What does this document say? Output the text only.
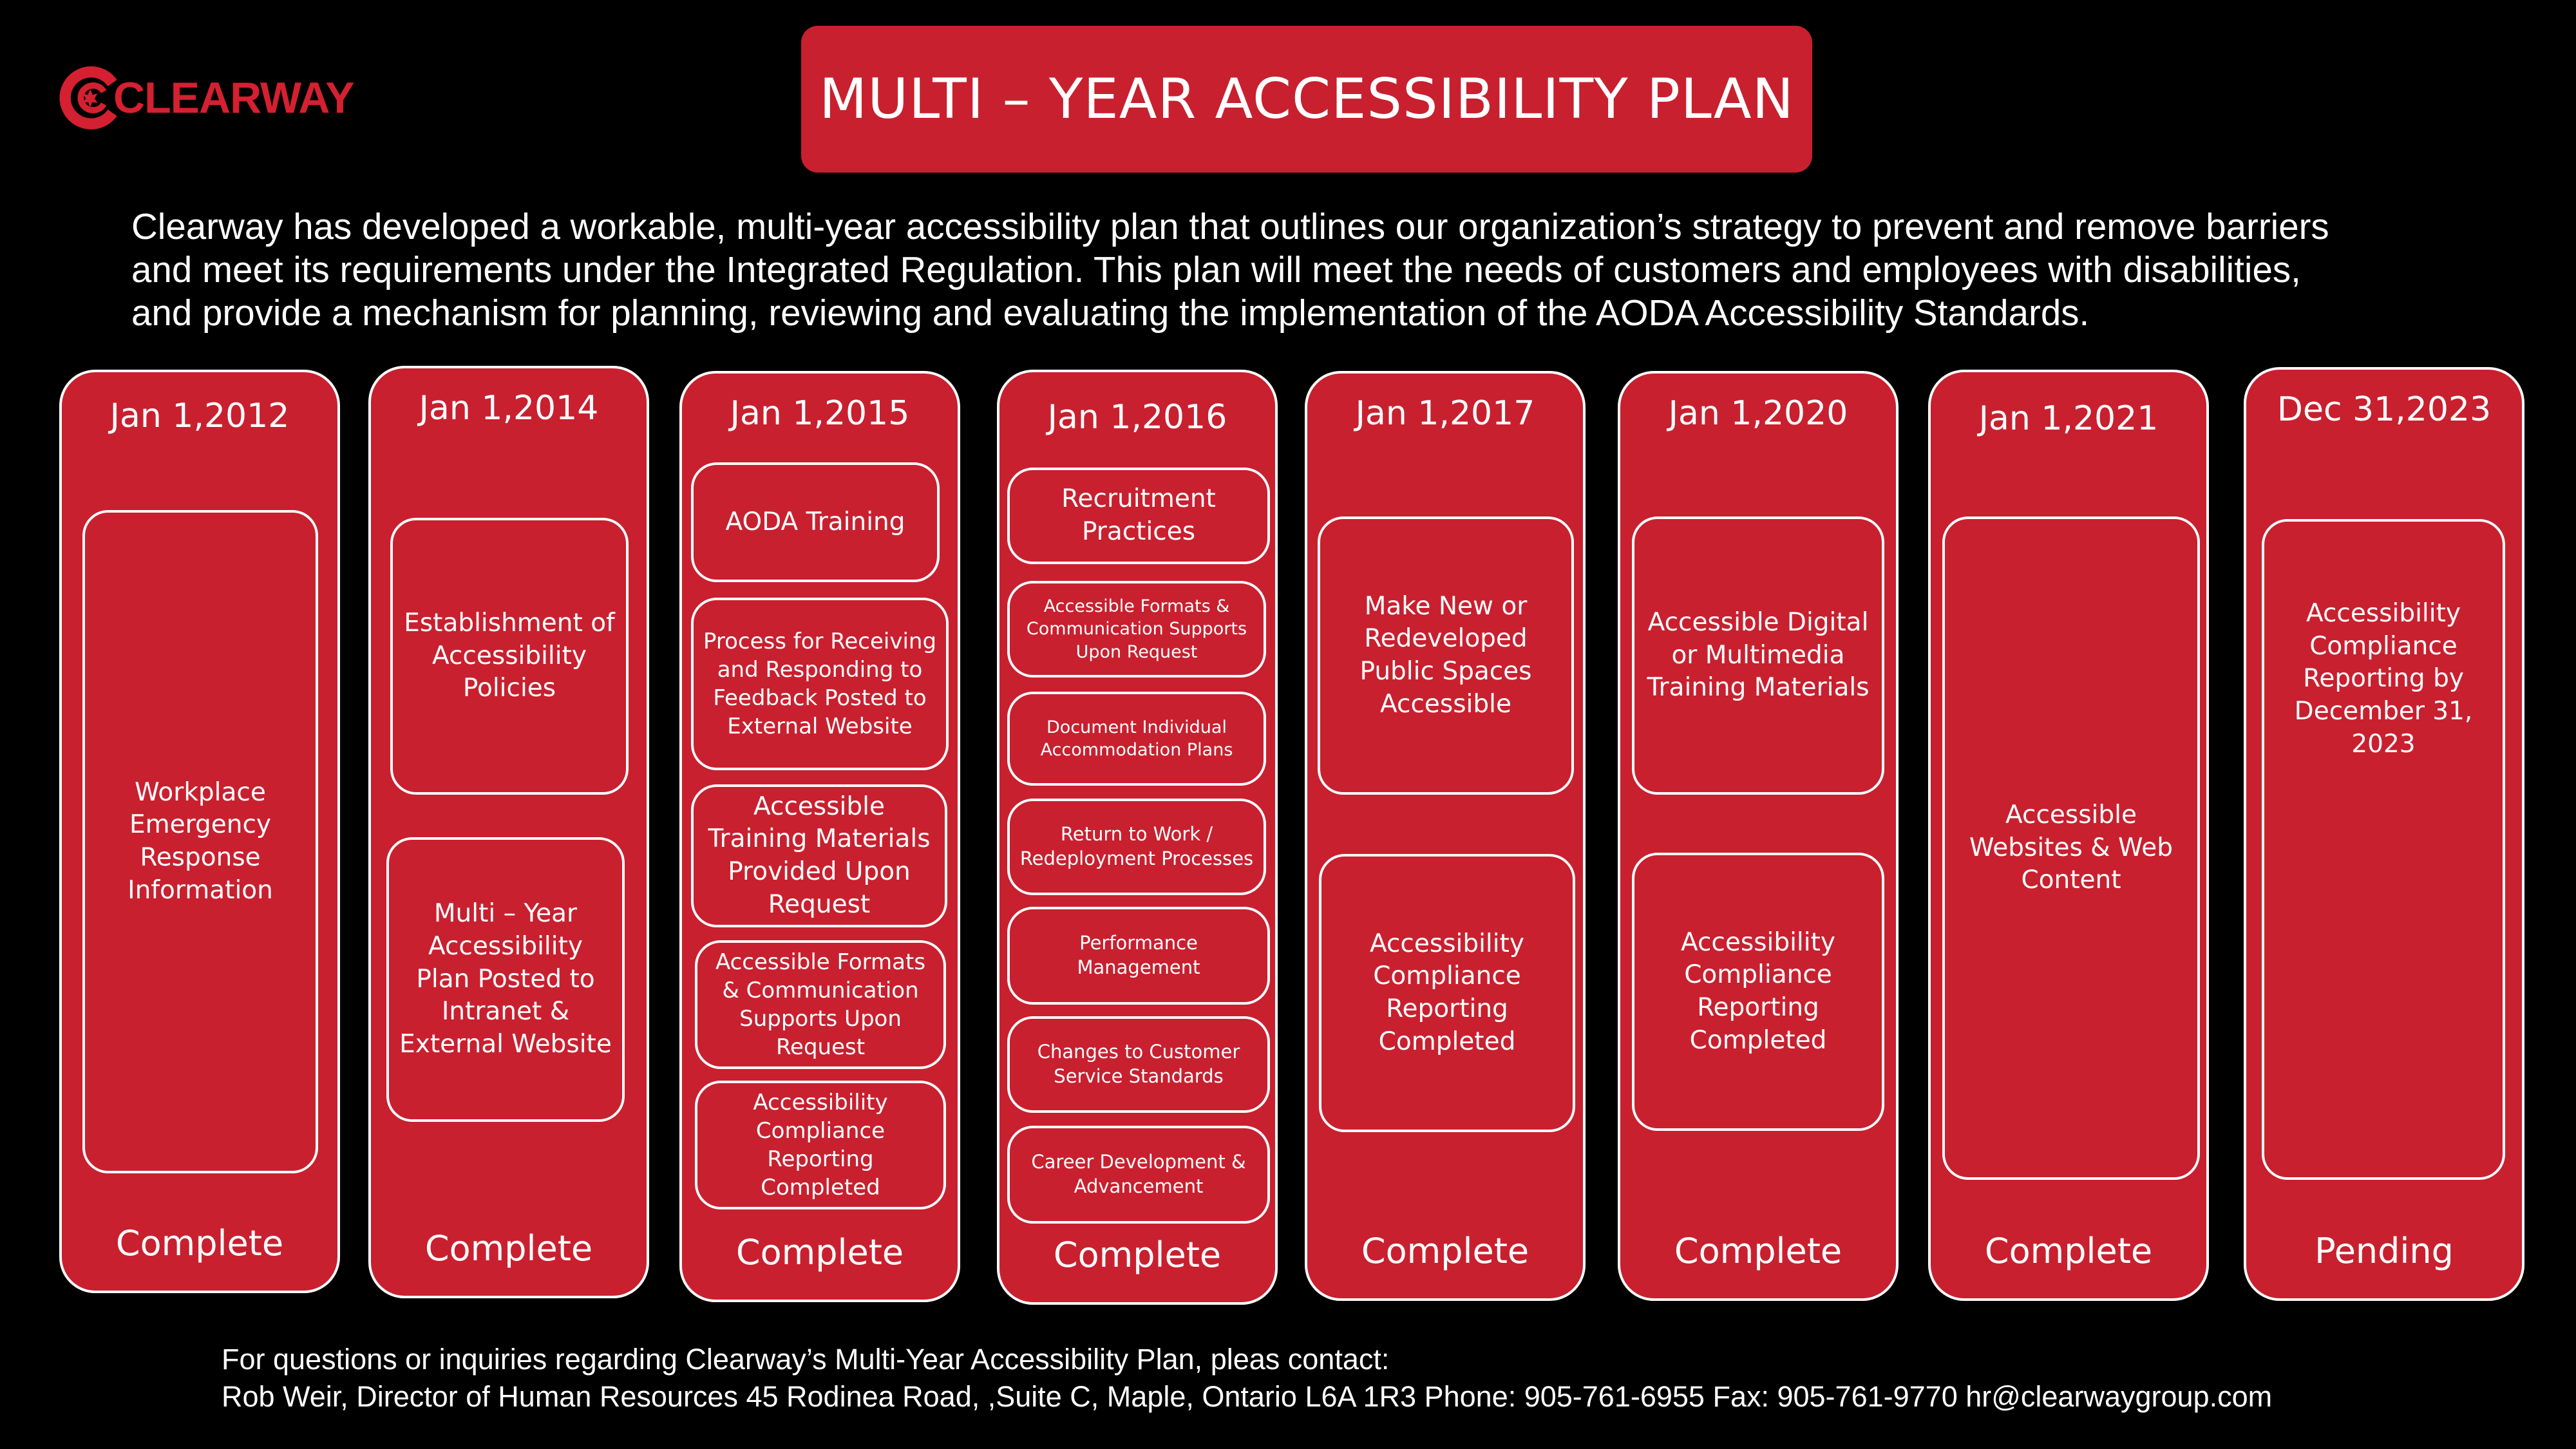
CLEARWAY	MULTI – YEAR ACCESSIBILITY PLAN
Clearway has developed a workable, multi-year accessibility plan that outlines our organization’s strategy to prevent and remove barriers
and meet its requirements under the Integrated Regulation. This plan will meet the needs of customers and employees with disabilities,
and provide a mechanism for planning, reviewing and evaluating the implementation of the AODA Accessibility Standards.
Jan 1,2012
Workplace Emergency Response Information
Complete
Jan 1,2014
Establishment of Accessibility Policies
Multi – Year Accessibility Plan Posted to Intranet & External Website
Complete
Jan 1,2015
AODA Training
Process for Receiving and Responding to Feedback Posted to External Website
Accessible Training Materials Provided Upon Request
Accessible Formats & Communication Supports Upon Request
Accessibility Compliance Reporting Completed
Complete
Jan 1,2016
Recruitment Practices
Accessible Formats & Communication Supports Upon Request
Document Individual Accommodation Plans
Return to Work / Redeployment Processes
Performance Management
Changes to Customer Service Standards
Career Development & Advancement
Complete
Jan 1,2017
Make New or Redeveloped Public Spaces Accessible
Accessibility Compliance Reporting Completed
Complete
Jan 1,2020
Accessible Digital or Multimedia Training Materials
Accessibility Compliance Reporting Completed
Complete
Jan 1,2021
Accessible Websites & Web Content
Complete
Dec 31,2023
Accessibility Compliance Reporting by December 31, 2023
Pending
For questions or inquiries regarding Clearway’s Multi-Year Accessibility Plan, pleas contact:
Rob Weir, Director of Human Resources 45 Rodinea Road, ,Suite C, Maple, Ontario L6A 1R3 Phone: 905-761-6955 Fax: 905-761-9770 hr@clearwaygroup.com
